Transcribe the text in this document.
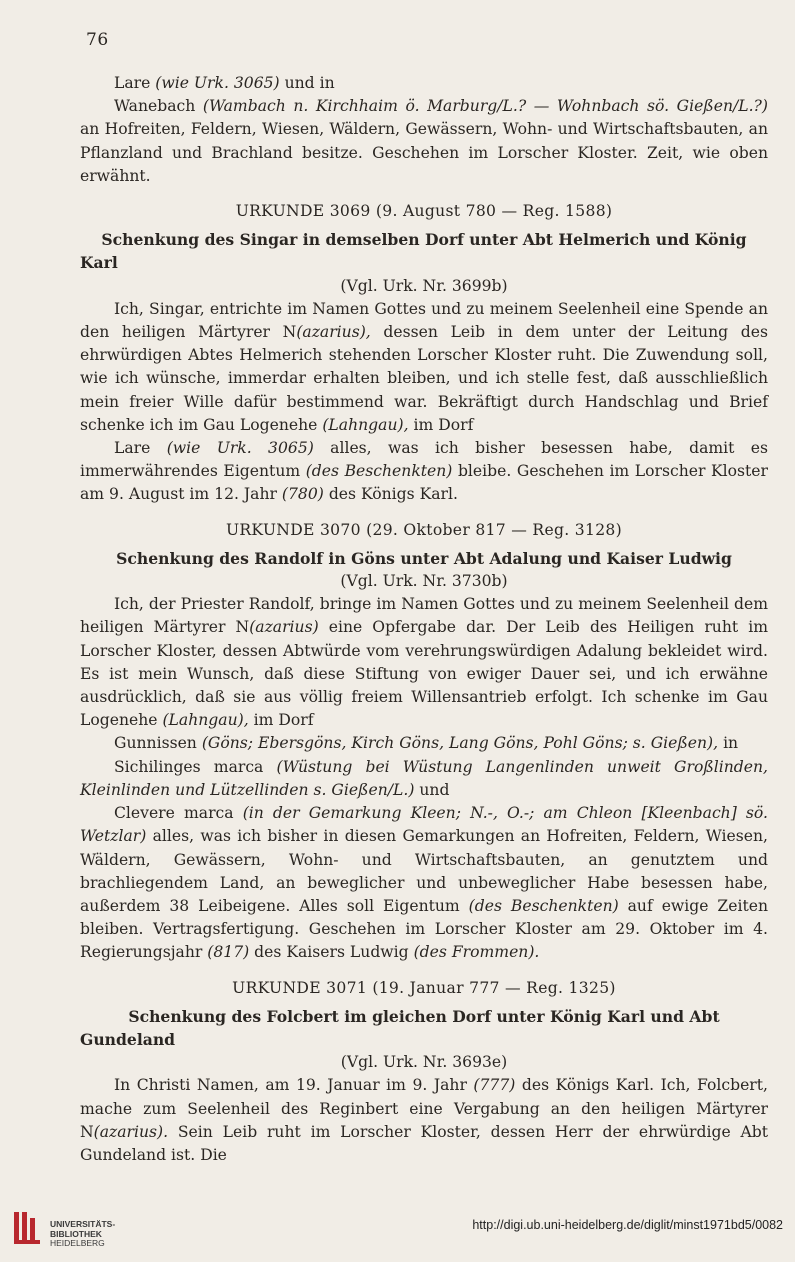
76

Lare (wie Urk. 3065) und in

Wanebach (Wambach n. Kirchhaim ö. Marburg/L.? — Wohnbach sö. Gießen/L.?) an Hofreiten, Feldern, Wiesen, Wäldern, Gewässern, Wohn- und Wirtschaftsbauten, an Pflanzland und Brachland besitze. Geschehen im Lorscher Kloster. Zeit, wie oben erwähnt.

URKUNDE 3069 (9. August 780 — Reg. 1588)

Schenkung des Singar in demselben Dorf unter Abt Helmerich und König Karl

(Vgl. Urk. Nr. 3699b)

Ich, Singar, entrichte im Namen Gottes und zu meinem Seelenheil eine Spende an den heiligen Märtyrer N(azarius), dessen Leib in dem unter der Leitung des ehrwürdigen Abtes Helmerich stehenden Lorscher Kloster ruht. Die Zuwendung soll, wie ich wünsche, immerdar erhalten bleiben, und ich stelle fest, daß ausschließlich mein freier Wille dafür bestimmend war. Bekräftigt durch Handschlag und Brief schenke ich im Gau Logenehe (Lahngau), im Dorf

Lare (wie Urk. 3065) alles, was ich bisher besessen habe, damit es immerwährendes Eigentum (des Beschenkten) bleibe. Geschehen im Lorscher Kloster am 9. August im 12. Jahr (780) des Königs Karl.

URKUNDE 3070 (29. Oktober 817 — Reg. 3128)

Schenkung des Randolf in Göns unter Abt Adalung und Kaiser Ludwig

(Vgl. Urk. Nr. 3730b)

Ich, der Priester Randolf, bringe im Namen Gottes und zu meinem Seelenheil dem heiligen Märtyrer N(azarius) eine Opfergabe dar. Der Leib des Heiligen ruht im Lorscher Kloster, dessen Abtwürde vom verehrungswürdigen Adalung bekleidet wird. Es ist mein Wunsch, daß diese Stiftung von ewiger Dauer sei, und ich erwähne ausdrücklich, daß sie aus völlig freiem Willensantrieb erfolgt. Ich schenke im Gau Logenehe (Lahngau), im Dorf

Gunnissen (Göns; Ebersgöns, Kirch Göns, Lang Göns, Pohl Göns; s. Gießen), in

Sichilinges marca (Wüstung bei Wüstung Langenlinden unweit Großlinden, Kleinlinden und Lützellinden s. Gießen/L.) und

Clevere marca (in der Gemarkung Kleen; N.-, O.-; am Chleon [Kleenbach] sö. Wetzlar) alles, was ich bisher in diesen Gemarkungen an Hofreiten, Feldern, Wiesen, Wäldern, Gewässern, Wohn- und Wirtschaftsbauten, an genutztem und brachliegendem Land, an beweglicher und unbeweglicher Habe besessen habe, außerdem 38 Leibeigene. Alles soll Eigentum (des Beschenkten) auf ewige Zeiten bleiben. Vertragsfertigung. Geschehen im Lorscher Kloster am 29. Oktober im 4. Regierungsjahr (817) des Kaisers Ludwig (des Frommen).

URKUNDE 3071 (19. Januar 777 — Reg. 1325)

Schenkung des Folcbert im gleichen Dorf unter König Karl und Abt Gundeland

(Vgl. Urk. Nr. 3693e)

In Christi Namen, am 19. Januar im 9. Jahr (777) des Königs Karl. Ich, Folcbert, mache zum Seelenheil des Reginbert eine Vergabung an den heiligen Märtyrer N(azarius). Sein Leib ruht im Lorscher Kloster, dessen Herr der ehrwürdige Abt Gundeland ist. Die

UNIVERSITÄTS-
BIBLIOTHEK
HEIDELBERG
http://digi.ub.uni-heidelberg.de/diglit/minst1971bd5/0082
